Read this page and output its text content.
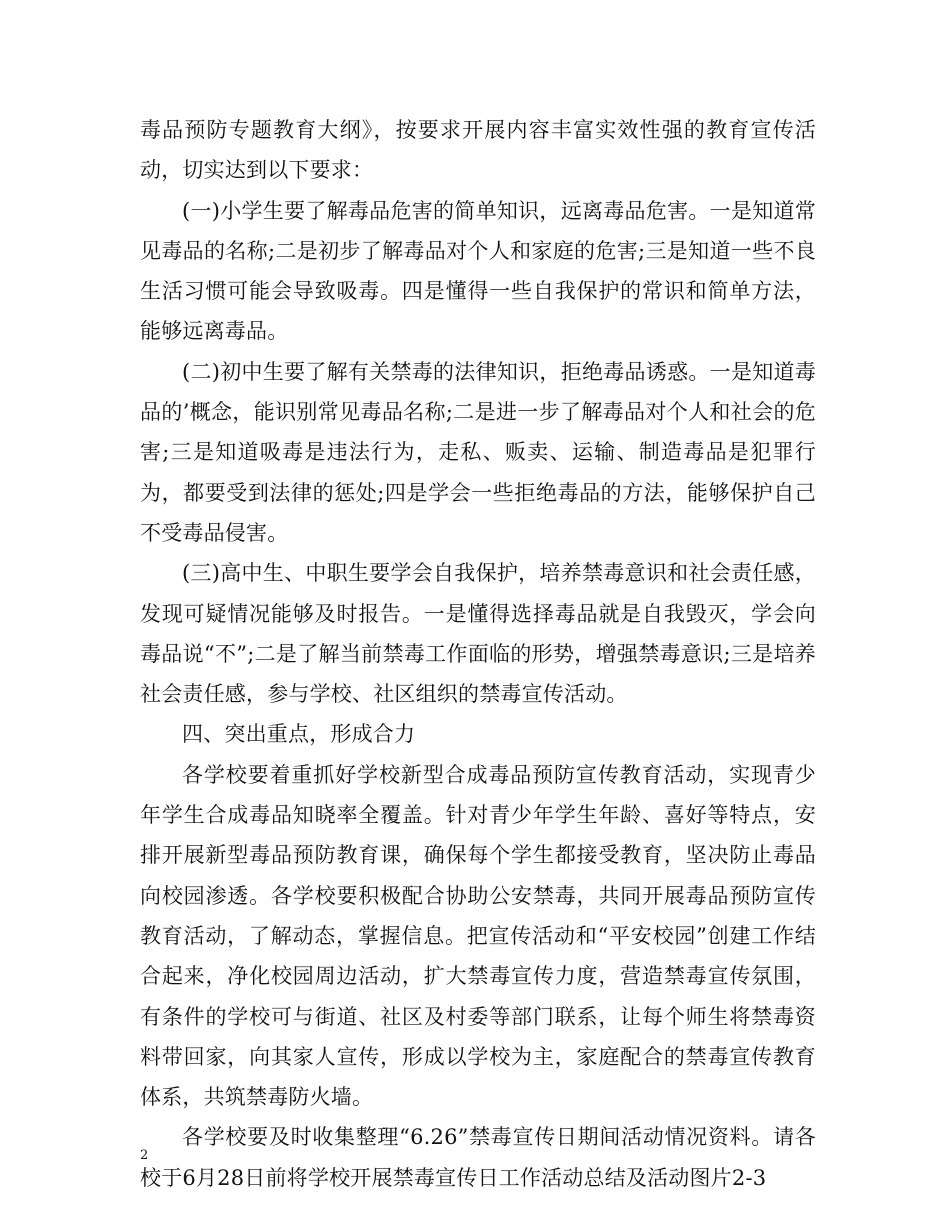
毒品预防专题教育大纲》，按要求开展内容丰富实效性强的教育宣传活动，切实达到以下要求：

(一)小学生要了解毒品危害的简单知识，远离毒品危害。一是知道常见毒品的名称;二是初步了解毒品对个人和家庭的危害;三是知道一些不良生活习惯可能会导致吸毒。四是懂得一些自我保护的常识和简单方法，能够远离毒品。

(二)初中生要了解有关禁毒的法律知识，拒绝毒品诱惑。一是知道毒品的’概念，能识别常见毒品名称;二是进一步了解毒品对个人和社会的危害;三是知道吸毒是违法行为，走私、贩卖、运输、制造毒品是犯罪行为，都要受到法律的惩处;四是学会一些拒绝毒品的方法，能够保护自己不受毒品侵害。

(三)高中生、中职生要学会自我保护，培养禁毒意识和社会责任感，发现可疑情况能够及时报告。一是懂得选择毒品就是自我毁灭，学会向毒品说“不”;二是了解当前禁毒工作面临的形势，增强禁毒意识;三是培养社会责任感，参与学校、社区组织的禁毒宣传活动。

四、突出重点，形成合力

各学校要着重抓好学校新型合成毒品预防宣传教育活动，实现青少年学生合成毒品知晓率全覆盖。针对青少年学生年龄、喜好等特点，安排开展新型毒品预防教育课，确保每个学生都接受教育，坚决防止毒品向校园渗透。各学校要积极配合协助公安禁毒，共同开展毒品预防宣传教育活动，了解动态，掌握信息。把宣传活动和“平安校园”创建工作结合起来，净化校园周边活动，扩大禁毒宣传力度，营造禁毒宣传氛围，有条件的学校可与街道、社区及村委等部门联系，让每个师生将禁毒资料带回家，向其家人宣传，形成以学校为主，家庭配合的禁毒宣传教育体系，共筑禁毒防火墙。

各学校要及时收集整理“6.26”禁毒宣传日期间活动情况资料。请各校于6月28日前将学校开展禁毒宣传日工作活动总结及活动图片2-3

2
